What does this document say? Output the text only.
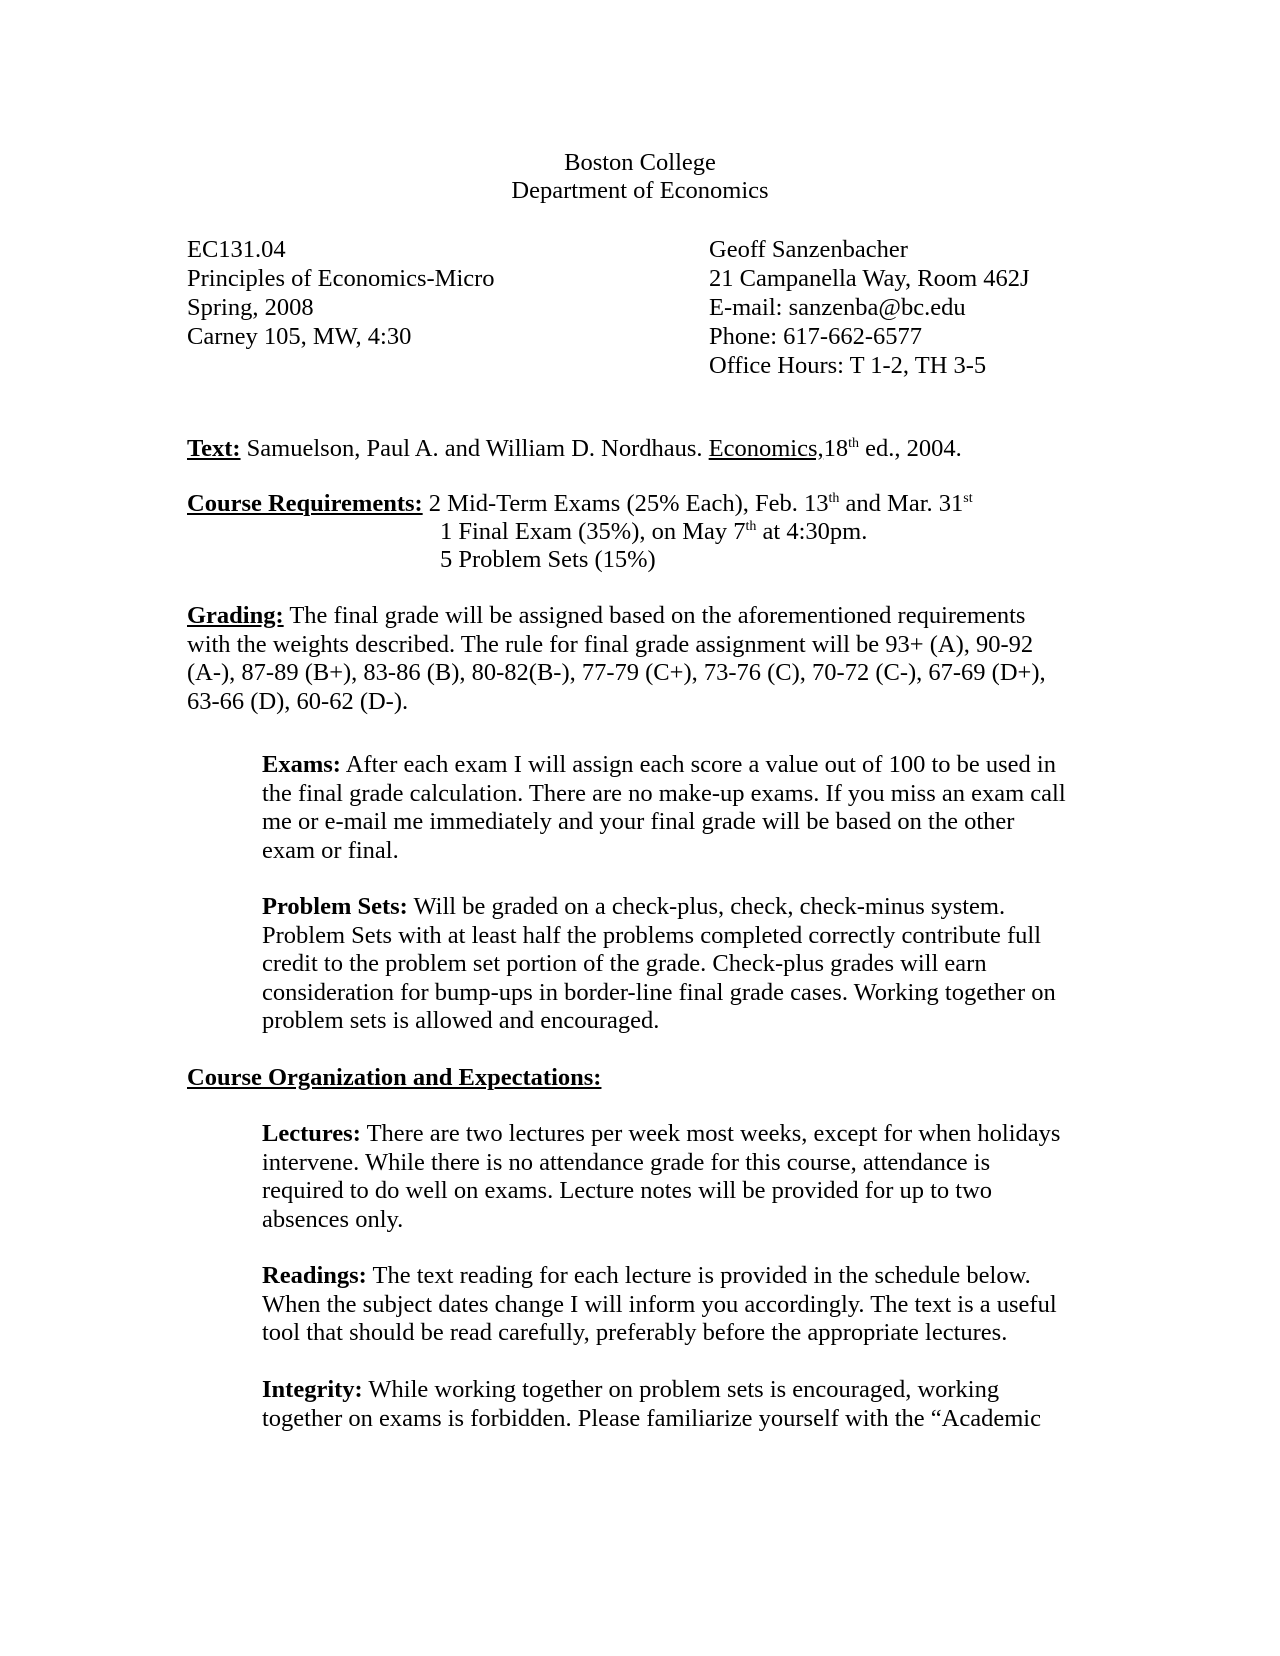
Boston College
Department of Economics
EC131.04
Principles of Economics-Micro
Spring, 2008
Carney 105, MW, 4:30
Geoff Sanzenbacher
21 Campanella Way, Room 462J
E-mail: sanzenba@bc.edu
Phone: 617-662-6577
Office Hours: T 1-2, TH 3-5
Text: Samuelson, Paul A. and William D. Nordhaus. Economics,18th ed., 2004.
Course Requirements: 2 Mid-Term Exams (25% Each), Feb. 13th and Mar. 31st
1 Final Exam (35%), on May 7th at 4:30pm.
5 Problem Sets (15%)
Grading: The final grade will be assigned based on the aforementioned requirements
with the weights described. The rule for final grade assignment will be 93+ (A), 90-92
(A-), 87-89 (B+), 83-86 (B), 80-82(B-), 77-79 (C+), 73-76 (C), 70-72 (C-), 67-69 (D+),
63-66 (D), 60-62 (D-).
Exams: After each exam I will assign each score a value out of 100 to be used in
the final grade calculation. There are no make-up exams. If you miss an exam call
me or e-mail me immediately and your final grade will be based on the other
exam or final.
Problem Sets: Will be graded on a check-plus, check, check-minus system.
Problem Sets with at least half the problems completed correctly contribute full
credit to the problem set portion of the grade. Check-plus grades will earn
consideration for bump-ups in border-line final grade cases. Working together on
problem sets is allowed and encouraged.
Course Organization and Expectations:
Lectures: There are two lectures per week most weeks, except for when holidays
intervene. While there is no attendance grade for this course, attendance is
required to do well on exams. Lecture notes will be provided for up to two
absences only.
Readings: The text reading for each lecture is provided in the schedule below.
When the subject dates change I will inform you accordingly. The text is a useful
tool that should be read carefully, preferably before the appropriate lectures.
Integrity: While working together on problem sets is encouraged, working
together on exams is forbidden. Please familiarize yourself with the “Academic
